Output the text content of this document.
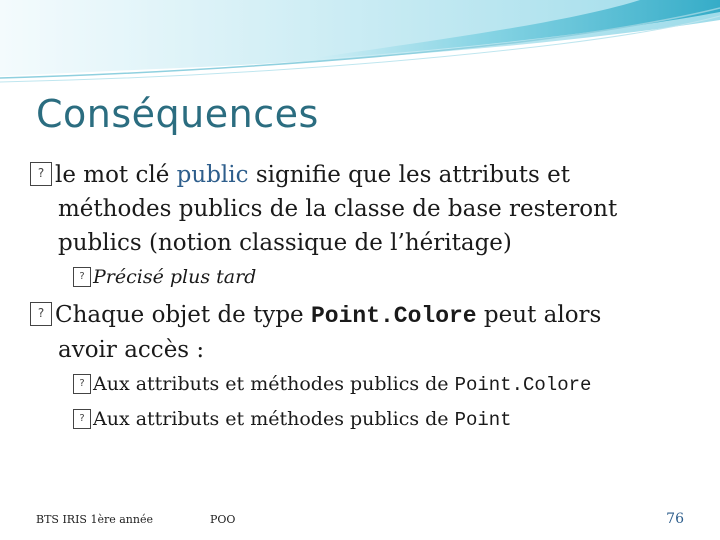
Conséquences
? le mot clé public signifie que les attributs et
méthodes publics de la classe de base resteront
publics (notion classique de l’héritage)
? Précisé plus tard
? Chaque objet de type Point.Colore peut alors
avoir accès :
? Aux attributs et méthodes publics de Point.Colore
? Aux attributs et méthodes publics de Point
BTS IRIS 1ère année	POO	76
